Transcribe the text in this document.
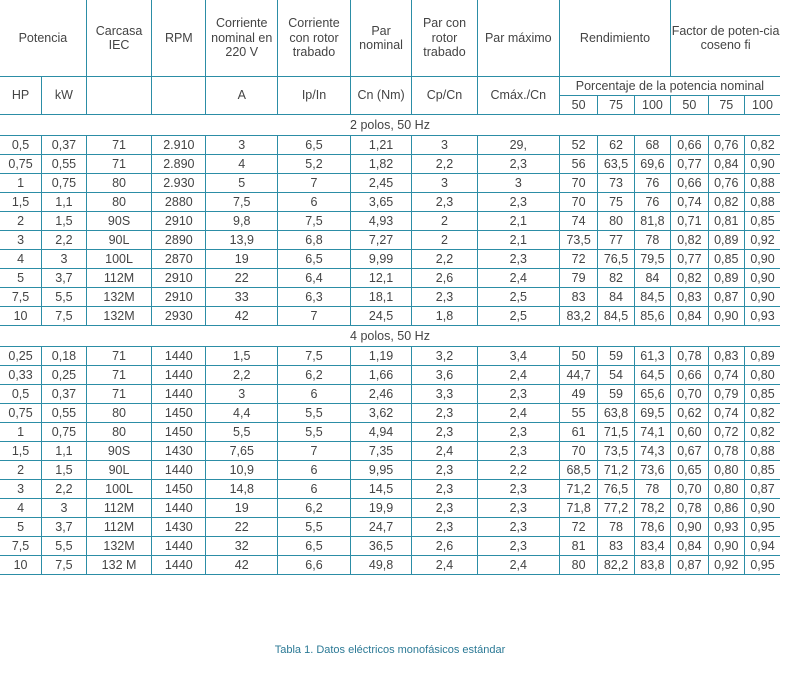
Potencia		Carcasa IEC	RPM	Corriente nominal en 220 V	Corriente con rotor trabado	Par nominal	Par con rotor trabado	Par máximo	Rendimiento			Factor de poten-cia coseno fi		
HP	kW			A	Ip/In	Cn (Nm)	Cp/Cn	Cmáx./Cn	Porcentaje de la potencia nominal					
									50	75	100	50	75	100
2 polos, 50 Hz														
0,5	0,37	71	2.910	3	6,5	1,21	3	29,	52	62	68	0,66	0,76	0,82
0,75	0,55	71	2.890	4	5,2	1,82	2,2	2,3	56	63,5	69,6	0,77	0,84	0,90
1	0,75	80	2.930	5	7	2,45	3	3	70	73	76	0,66	0,76	0,88
1,5	1,1	80	2880	7,5	6	3,65	2,3	2,3	70	75	76	0,74	0,82	0,88
2	1,5	90S	2910	9,8	7,5	4,93	2	2,1	74	80	81,8	0,71	0,81	0,85
3	2,2	90L	2890	13,9	6,8	7,27	2	2,1	73,5	77	78	0,82	0,89	0,92
4	3	100L	2870	19	6,5	9,99	2,2	2,3	72	76,5	79,5	0,77	0,85	0,90
5	3,7	112M	2910	22	6,4	12,1	2,6	2,4	79	82	84	0,82	0,89	0,90
7,5	5,5	132M	2910	33	6,3	18,1	2,3	2,5	83	84	84,5	0,83	0,87	0,90
10	7,5	132M	2930	42	7	24,5	1,8	2,5	83,2	84,5	85,6	0,84	0,90	0,93
4 polos, 50 Hz														
0,25	0,18	71	1440	1,5	7,5	1,19	3,2	3,4	50	59	61,3	0,78	0,83	0,89
0,33	0,25	71	1440	2,2	6,2	1,66	3,6	2,4	44,7	54	64,5	0,66	0,74	0,80
0,5	0,37	71	1440	3	6	2,46	3,3	2,3	49	59	65,6	0,70	0,79	0,85
0,75	0,55	80	1450	4,4	5,5	3,62	2,3	2,4	55	63,8	69,5	0,62	0,74	0,82
1	0,75	80	1450	5,5	5,5	4,94	2,3	2,3	61	71,5	74,1	0,60	0,72	0,82
1,5	1,1	90S	1430	7,65	7	7,35	2,4	2,3	70	73,5	74,3	0,67	0,78	0,88
2	1,5	90L	1440	10,9	6	9,95	2,3	2,2	68,5	71,2	73,6	0,65	0,80	0,85
3	2,2	100L	1450	14,8	6	14,5	2,3	2,3	71,2	76,5	78	0,70	0,80	0,87
4	3	112M	1440	19	6,2	19,9	2,3	2,3	71,8	77,2	78,2	0,78	0,86	0,90
5	3,7	112M	1430	22	5,5	24,7	2,3	2,3	72	78	78,6	0,90	0,93	0,95
7,5	5,5	132M	1440	32	6,5	36,5	2,6	2,3	81	83	83,4	0,84	0,90	0,94
10	7,5	132 M	1440	42	6,6	49,8	2,4	2,4	80	82,2	83,8	0,87	0,92	0,95
Tabla 1. Datos eléctricos monofásicos estándar
